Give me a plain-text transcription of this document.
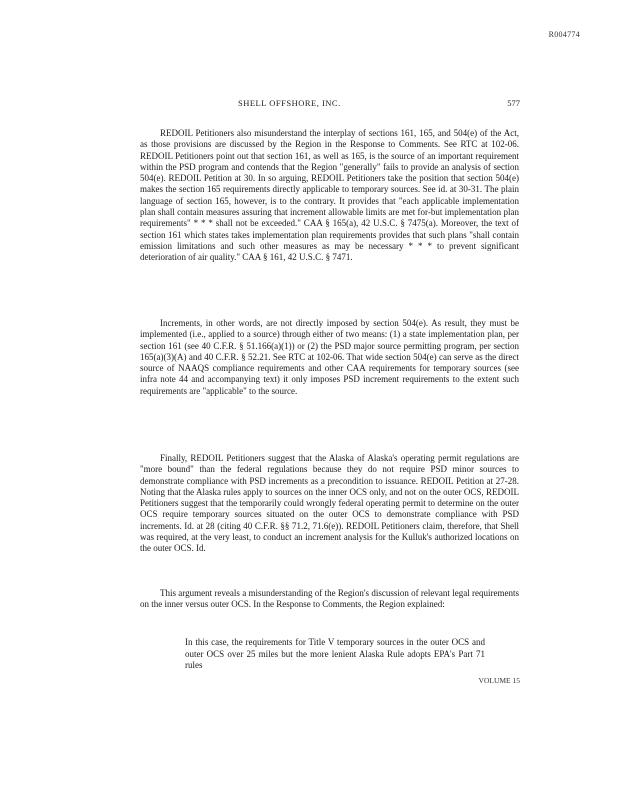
R004774
SHELL OFFSHORE, INC.	577

REDOIL Petitioners also misunderstand the interplay of sections 161, 165, and 504(e) of the Act, as those provisions are discussed by the Region in the Response to Comments. See RTC at 102-06. REDOIL Petitioners point out that section 161, as well as 165, is the source of an important requirement within the PSD program and contends that the Region "generally" fails to provide an analysis of section 504(e). REDOIL Petition at 30. In so arguing, REDOIL Petitioners take the position that section 504(e) makes the section 165 requirements directly applicable to temporary sources. See id. at 30-31. The plain language of section 165, however, is to the contrary. It provides that "each applicable implementation plan shall contain measures assuring that increment allowable limits are met for-but implementation plan requirements" * * * shall not be exceeded." CAA § 165(a), 42 U.S.C. § 7475(a). Moreover, the text of section 161 which states takes implementation plan requirements provides that such plans "shall contain emission limitations and such other measures as may be necessary * * * to prevent significant deterioration of air quality." CAA § 161, 42 U.S.C. § 7471.

Increments, in other words, are not directly imposed by section 504(e). As result, they must be implemented (i.e., applied to a source) through either of two means: (1) a state implementation plan, per section 161 (see 40 C.F.R. § 51.166(a)(1)) or (2) the PSD major source permitting program, per section 165(a)(3)(A) and 40 C.F.R. § 52.21. See RTC at 102-06. That wide section 504(e) can serve as the direct source of NAAQS compliance requirements and other CAA requirements for temporary sources (see infra note 44 and accompanying text) it only imposes PSD increment requirements to the extent such requirements are "applicable" to the source.

Finally, REDOIL Petitioners suggest that the Alaska of Alaska's operating permit regulations are "more bound" than the federal regulations because they do not require PSD minor sources to demonstrate compliance with PSD increments as a precondition to issuance. REDOIL Petition at 27-28. Noting that the Alaska rules apply to sources on the inner OCS only, and not on the outer OCS, REDOIL Petitioners suggest that the temporarily could wrongly federal operating permit to determine on the outer OCS require temporary sources situated on the outer OCS to demonstrate compliance with PSD increments. Id. at 28 (citing 40 C.F.R. §§ 71.2, 71.6(e)). REDOIL Petitioners claim, therefore, that Shell was required, at the very least, to conduct an increment analysis for the Kulluk's authorized locations on the outer OCS. Id.

This argument reveals a misunderstanding of the Region's discussion of relevant legal requirements on the inner versus outer OCS. In the Response to Comments, the Region explained:

In this case, the requirements for Title V temporary sources in the outer OCS and outer OCS over 25 miles but the more lenient Alaska Rule adopts EPA's Part 71 rules

VOLUME 15
